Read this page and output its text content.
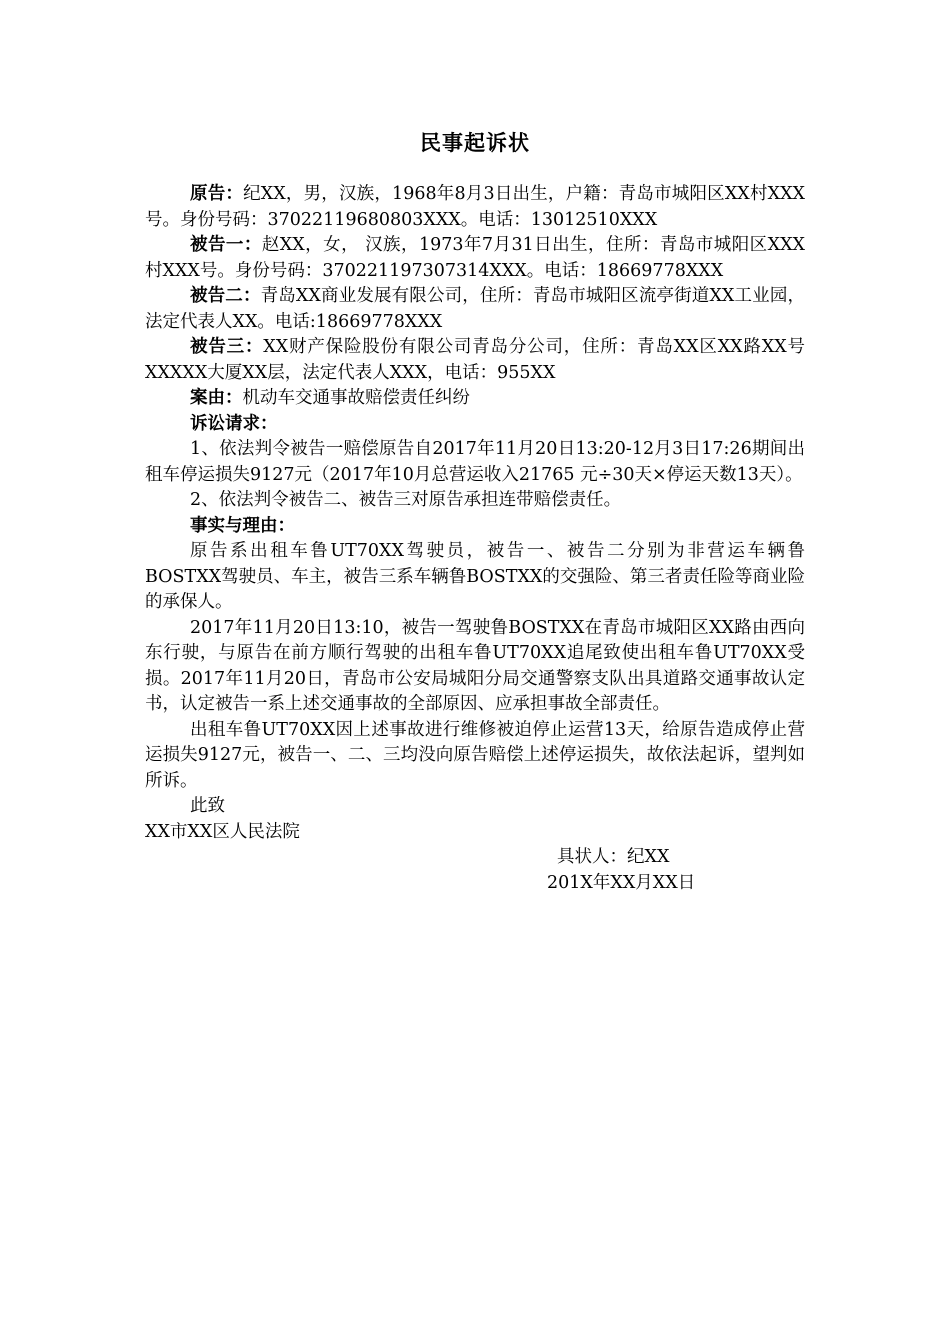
民事起诉状

原告：纪XX，男，汉族，1968年8月3日出生，户籍：青岛市城阳区XX村XXX号。身份号码：37022119680803XXX。电话：13012510XXX

被告一：赵XX，女， 汉族，1973年7月31日出生，住所：青岛市城阳区XXX村XXX号。身份号码：370221197307314XXX。电话：18669778XXX

被告二：青岛XX商业发展有限公司，住所：青岛市城阳区流亭街道XX工业园，法定代表人XX。电话:18669778XXX

被告三：XX财产保险股份有限公司青岛分公司，住所：青岛XX区XX路XX号XXXXX大厦XX层，法定代表人XXX，电话：955XX

案由：机动车交通事故赔偿责任纠纷

诉讼请求：

1、依法判令被告一赔偿原告自2017年11月20日13:20-12月3日17:26期间出租车停运损失9127元（2017年10月总营运收入21765 元÷30天×停运天数13天）。

2、依法判令被告二、被告三对原告承担连带赔偿责任。

事实与理由：

原告系出租车鲁UT70XX驾驶员，被告一、被告二分别为非营运车辆鲁BOSTXX驾驶员、车主，被告三系车辆鲁BOSTXX的交强险、第三者责任险等商业险的承保人。

2017年11月20日13:10，被告一驾驶鲁BOSTXX在青岛市城阳区XX路由西向东行驶，与原告在前方顺行驾驶的出租车鲁UT70XX追尾致使出租车鲁UT70XX受损。2017年11月20日，青岛市公安局城阳分局交通警察支队出具道路交通事故认定书，认定被告一系上述交通事故的全部原因、应承担事故全部责任。

出租车鲁UT70XX因上述事故进行维修被迫停止运营13天，给原告造成停止营运损失9127元，被告一、二、三均没向原告赔偿上述停运损失，故依法起诉，望判如所诉。

此致

XX市XX区人民法院

具状人：纪XX

201X年XX月XX日
